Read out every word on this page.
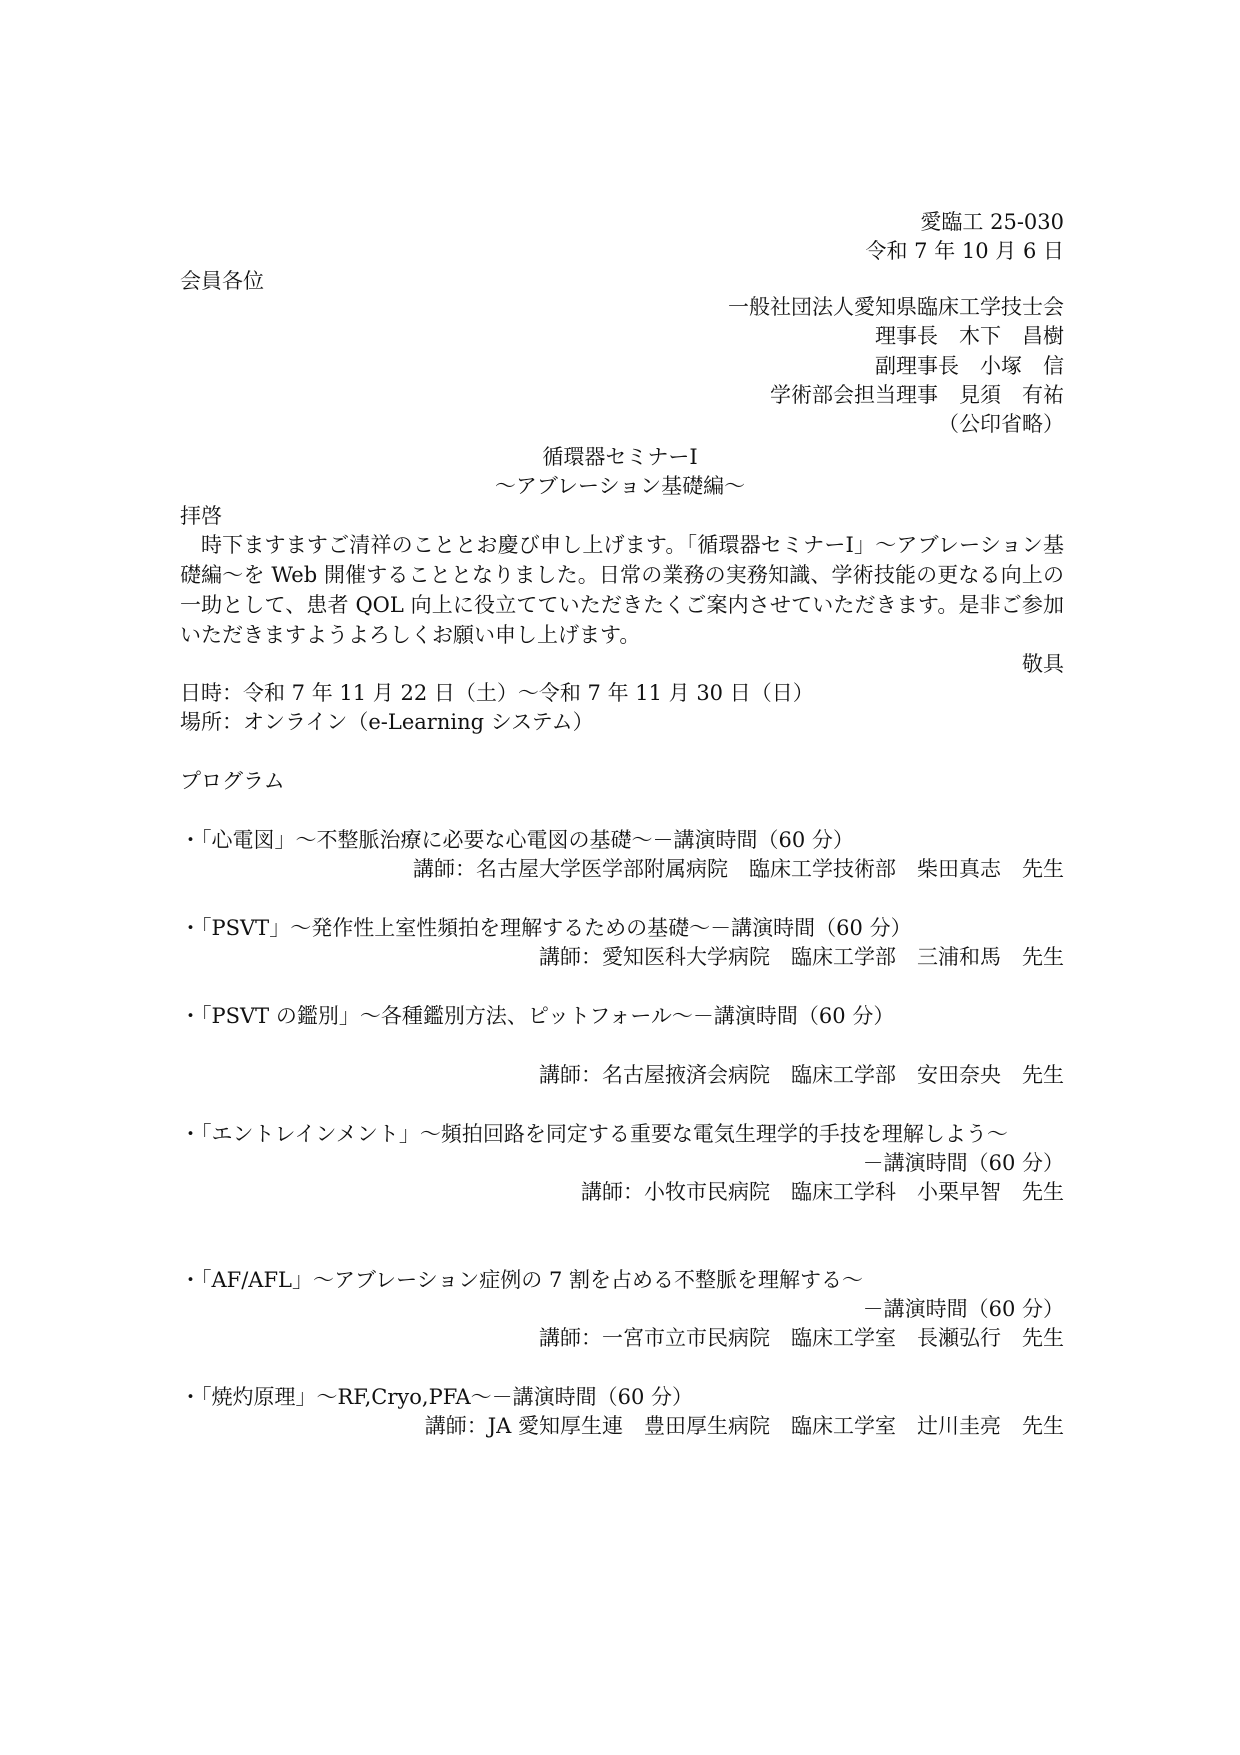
愛臨工 25-030
令和 7 年 10 月 6 日
会員各位
一般社団法人愛知県臨床工学技士会
理事長　木下　昌樹
副理事長　小塚　信
学術部会担当理事　見須　有祐
（公印省略）
循環器セミナーⅠ
～アブレーション基礎編～
拝啓
時下ますますご清祥のこととお慶び申し上げます。「循環器セミナーⅠ」～アブレーション基礎編～を Web 開催することとなりました。日常の業務の実務知識、学術技能の更なる向上の一助として、患者 QOL 向上に役立てていただきたくご案内させていただきます。是非ご参加いただきますようよろしくお願い申し上げます。
敬具
日時：令和 7 年 11 月 22 日（土）～令和 7 年 11 月 30 日（日）
場所：オンライン（e-Learning システム）
プログラム
・「心電図」～不整脈治療に必要な心電図の基礎～－講演時間（60 分）
講師：名古屋大学医学部附属病院　臨床工学技術部　柴田真志　先生
・「PSVT」～発作性上室性頻拍を理解するための基礎～－講演時間（60 分）
講師：愛知医科大学病院　臨床工学部　三浦和馬　先生
・「PSVT の鑑別」～各種鑑別方法、ピットフォール～－講演時間（60 分）
講師：名古屋掖済会病院　臨床工学部　安田奈央　先生
・「エントレインメント」～頻拍回路を同定する重要な電気生理学的手技を理解しよう～
－講演時間（60 分）
講師：小牧市民病院　臨床工学科　小栗早智　先生
・「AF/AFL」～アブレーション症例の 7 割を占める不整脈を理解する～
－講演時間（60 分）
講師：一宮市立市民病院　臨床工学室　長瀬弘行　先生
・「焼灼原理」～RF,Cryo,PFA～－講演時間（60 分）
講師：JA 愛知厚生連　豊田厚生病院　臨床工学室　辻川圭亮　先生
